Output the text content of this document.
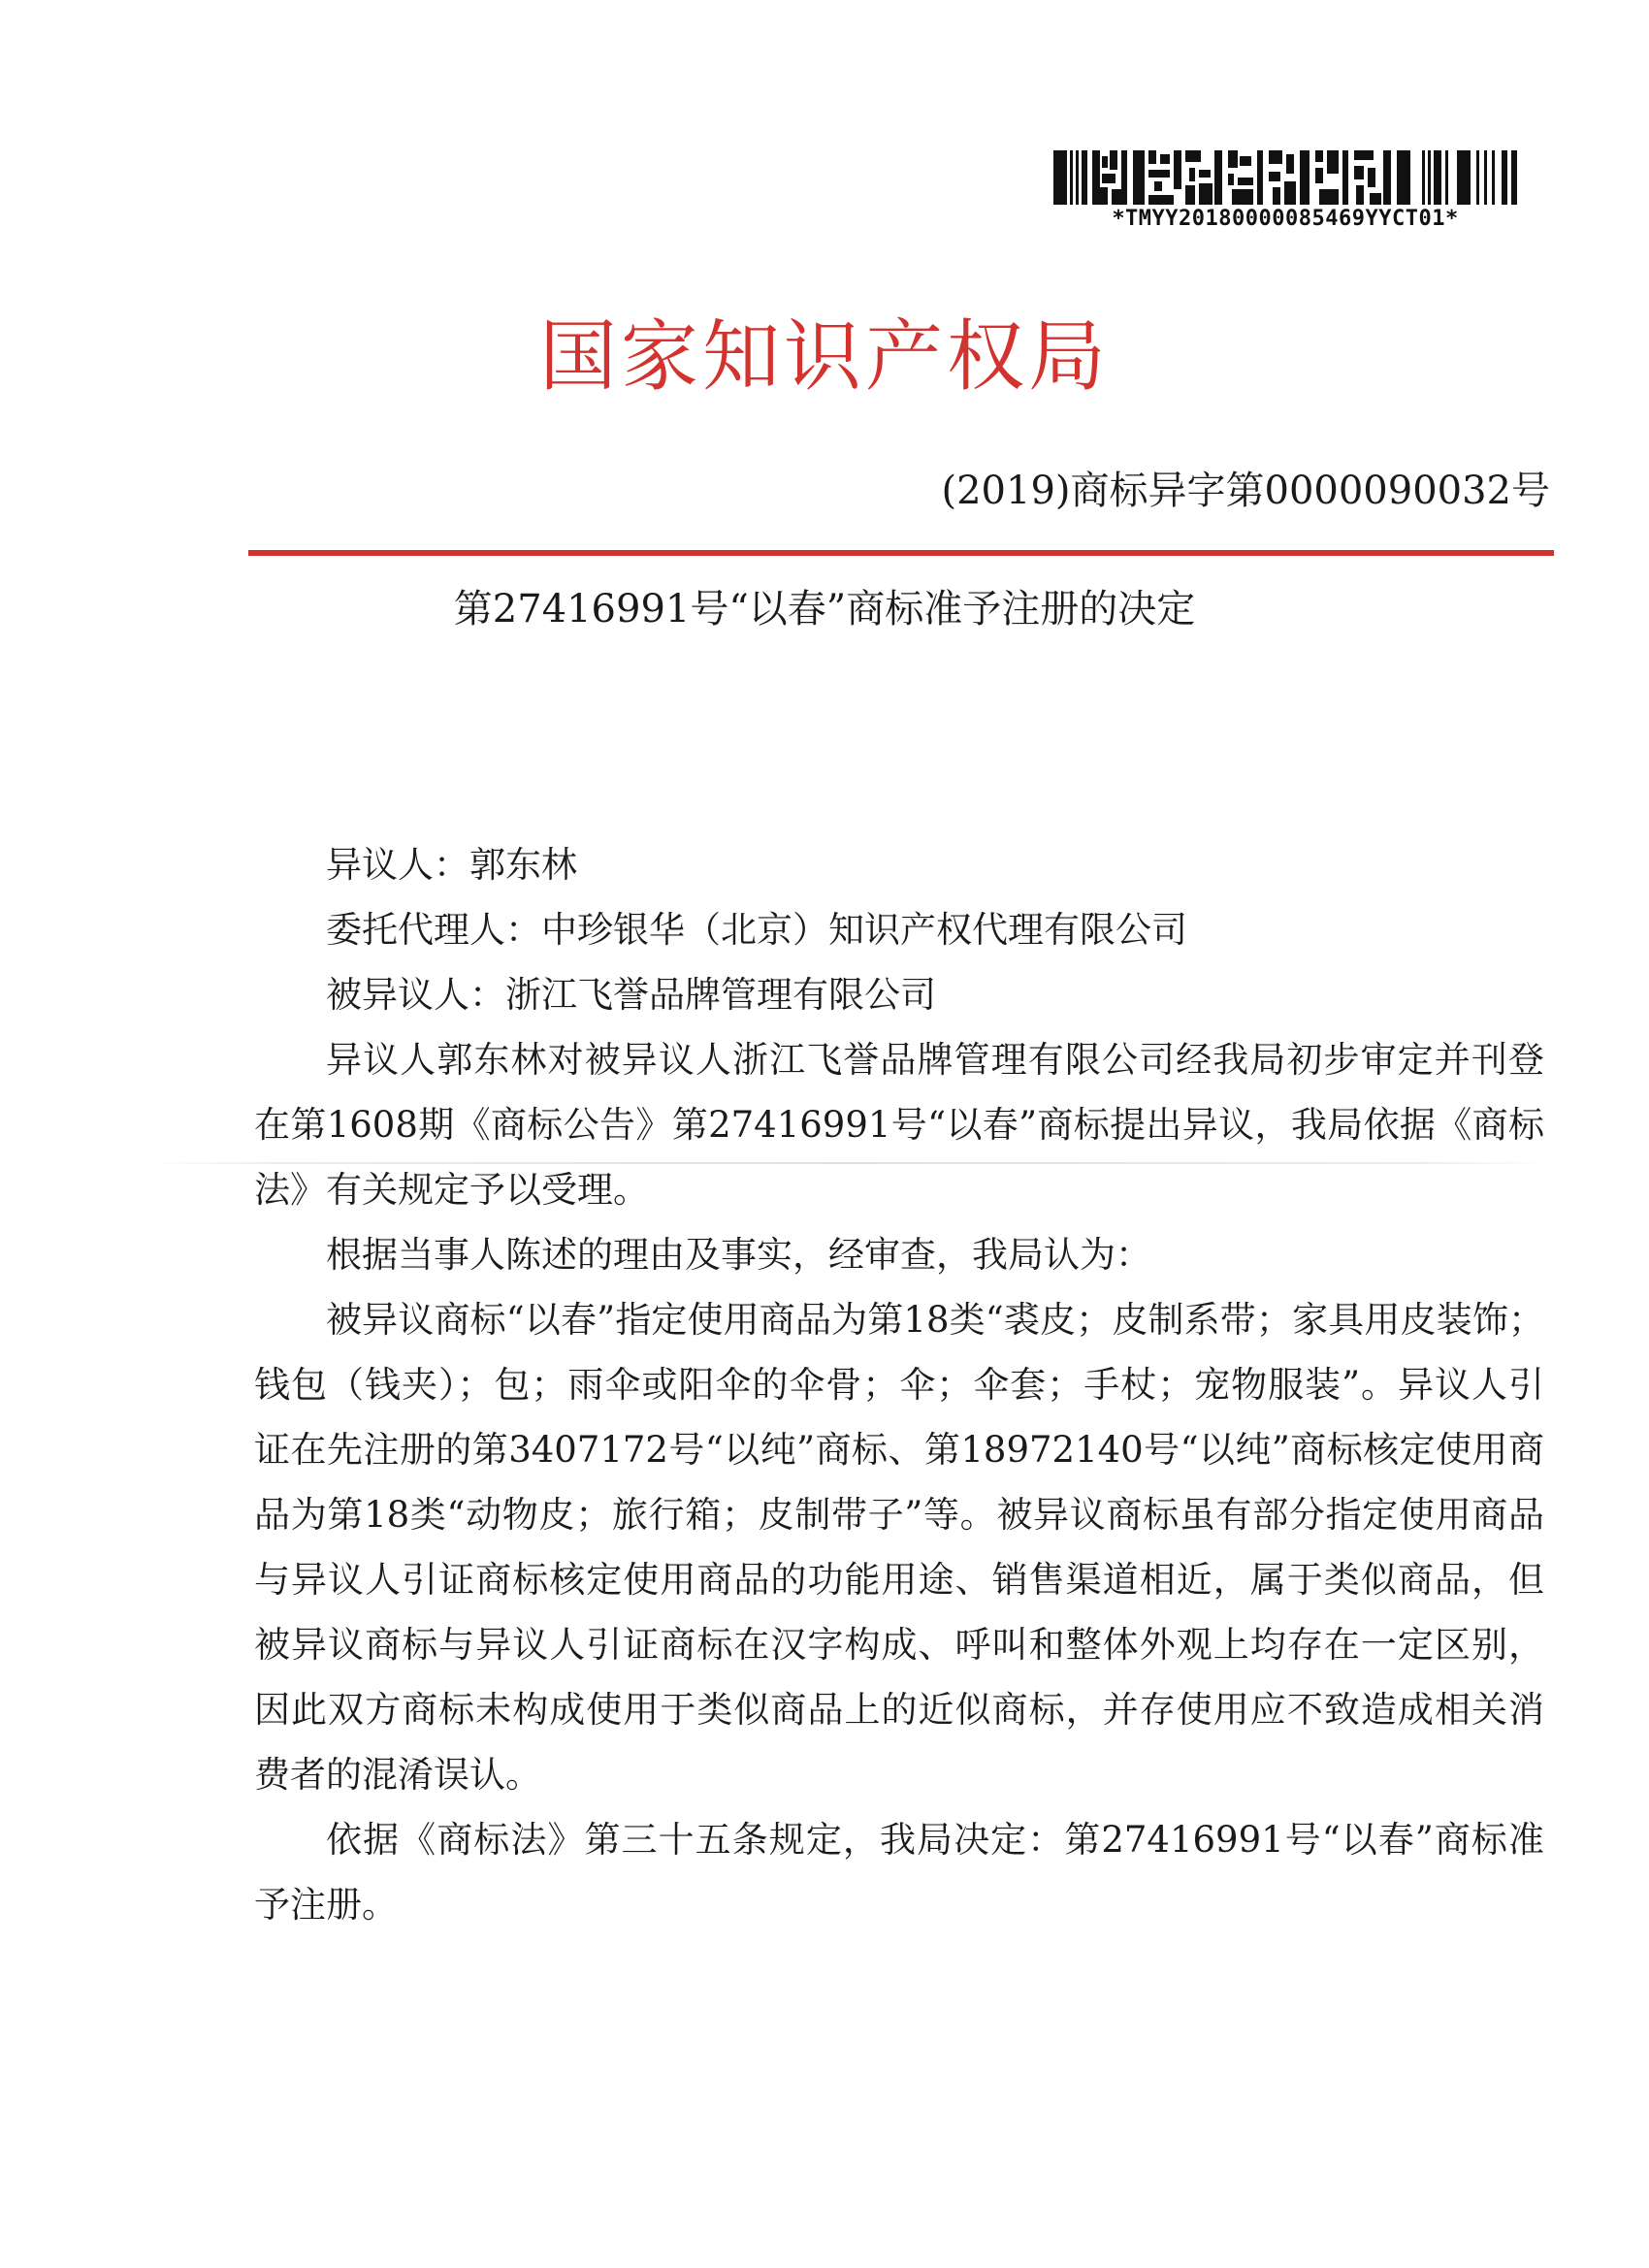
*TMYY20180000085469YYCT01*
国家知识产权局
(2019)商标异字第0000090032号
第27416991号“以春”商标准予注册的决定

异议人：郭东林

委托代理人：中珍银华（北京）知识产权代理有限公司

被异议人：浙江飞誉品牌管理有限公司

异议人郭东林对被异议人浙江飞誉品牌管理有限公司经我局初步审定并刊登在第1608期《商标公告》第27416991号“以春”商标提出异议，我局依据《商标法》有关规定予以受理。

根据当事人陈述的理由及事实，经审查，我局认为：

被异议商标“以春”指定使用商品为第18类“裘皮；皮制系带；家具用皮装饰；钱包（钱夹）；包；雨伞或阳伞的伞骨；伞；伞套；手杖；宠物服装”。异议人引证在先注册的第3407172号“以纯”商标、第18972140号“以纯”商标核定使用商品为第18类“动物皮；旅行箱；皮制带子”等。被异议商标虽有部分指定使用商品与异议人引证商标核定使用商品的功能用途、销售渠道相近，属于类似商品，但被异议商标与异议人引证商标在汉字构成、呼叫和整体外观上均存在一定区别，因此双方商标未构成使用于类似商品上的近似商标，并存使用应不致造成相关消费者的混淆误认。

依据《商标法》第三十五条规定，我局决定：第27416991号“以春”商标准予注册。
